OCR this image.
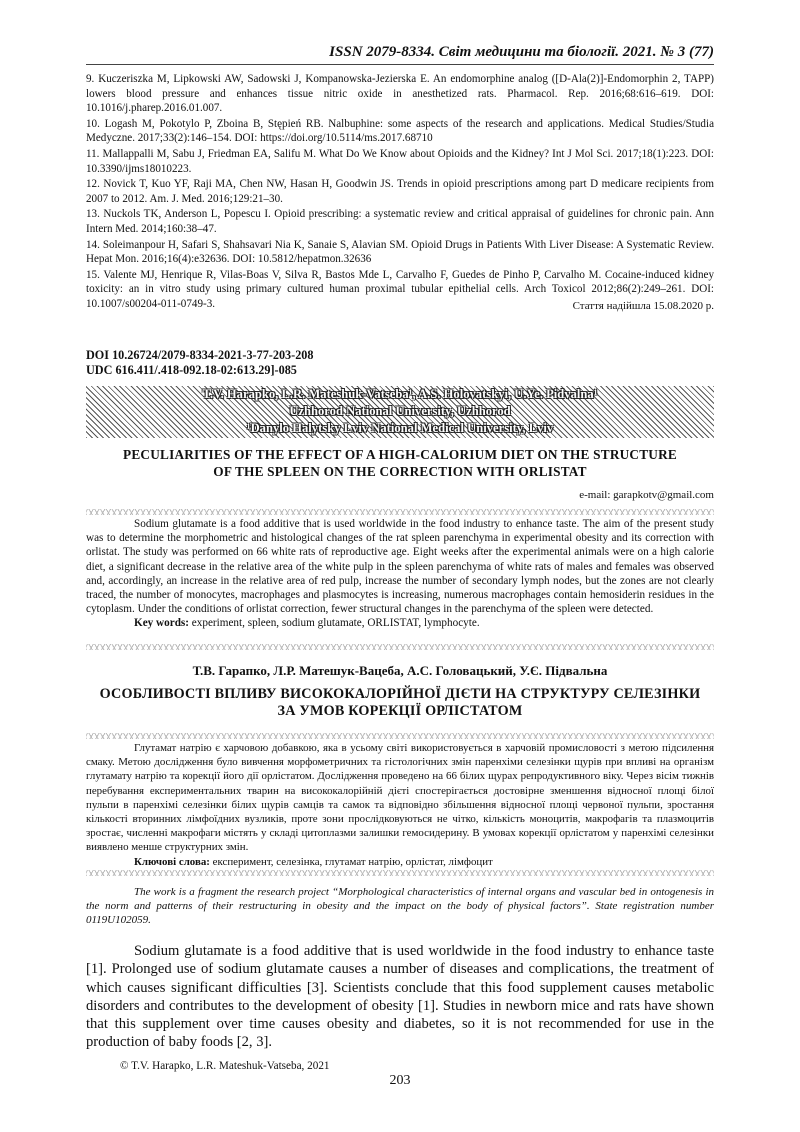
ISSN 2079-8334. Світ медицини та біології. 2021. № 3 (77)

9. Kuczeriszka M, Lipkowski AW, Sadowski J, Kompanowska-Jezierska E. An endomorphine analog ([D-Ala(2)]-Endomorphin 2, TAPP) lowers blood pressure and enhances tissue nitric oxide in anesthetized rats. Pharmacol. Rep. 2016;68:616–619. DOI: 10.1016/j.pharep.2016.01.007.

10. Logash M, Pokotylo P, Zboina B, Stępień RB. Nalbuphine: some aspects of the research and applications. Medical Studies/Studia Medyczne. 2017;33(2):146–154. DOI: https://doi.org/10.5114/ms.2017.68710

11. Mallappalli M, Sabu J, Friedman EA, Salifu M. What Do We Know about Opioids and the Kidney? Int J Mol Sci. 2017;18(1):223. DOI: 10.3390/ijms18010223.

12. Novick T, Kuo YF, Raji MA, Chen NW, Hasan H, Goodwin JS. Trends in opioid prescriptions among part D medicare recipients from 2007 to 2012. Am. J. Med. 2016;129:21–30.

13. Nuckols TK, Anderson L, Popescu I. Opioid prescribing: a systematic review and critical appraisal of guidelines for chronic pain. Ann Intern Med. 2014;160:38–47.

14. Soleimanpour H, Safari S, Shahsavari Nia K, Sanaie S, Alavian SM. Opioid Drugs in Patients With Liver Disease: A Systematic Review. Hepat Mon. 2016;16(4):e32636. DOI: 10.5812/hepatmon.32636

15. Valente MJ, Henrique R, Vilas-Boas V, Silva R, Bastos Mde L, Carvalho F, Guedes de Pinho P, Carvalho M. Cocaine-induced kidney toxicity: an in vitro study using primary cultured human proximal tubular epithelial cells. Arch Toxicol 2012;86(2):249–261. DOI: 10.1007/s00204-011-0749-3.	Стаття надійшла 15.08.2020 р.
DOI 10.26724/2079-8334-2021-3-77-203-208
UDC 616.411/.418-092.18-02:613.29]-085
T.V. Harapko, L.R. Mateshuk-Vatseba¹, A.S. Holovatskyi, U.Ye. Pidvalna¹
Uzhhorod National University, Uzhhorod
¹Danylo Halytsky Lviv National Medical University, Lviv
PECULIARITIES OF THE EFFECT OF A HIGH-CALORIUM DIET ON THE STRUCTURE
OF THE SPLEEN ON THE CORRECTION WITH ORLISTAT
e-mail: garapkotv@gmail.com

Sodium glutamate is a food additive that is used worldwide in the food industry to enhance taste. The aim of the present study was to determine the morphometric and histological changes of the rat spleen parenchyma in experimental obesity and its correction with orlistat. The study was performed on 66 white rats of reproductive age. Eight weeks after the experimental animals were on a high calorie diet, a significant decrease in the relative area of the white pulp in the spleen parenchyma of white rats of males and females was observed and, accordingly, an increase in the relative area of red pulp, increase the number of secondary lymph nodes, but the zones are not clearly traced, the number of monocytes, macrophages and plasmocytes is increasing, numerous macrophages contain hemosiderin residues in the cytoplasm. Under the conditions of orlistat correction, fewer structural changes in the parenchyma of the spleen were detected.

Key words: experiment, spleen, sodium glutamate, ORLISTAT, lymphocyte.
Т.В. Гарапко, Л.Р. Матешук-Вацеба, А.С. Головацький, У.Є. Підвальна
ОСОБЛИВОСТІ ВПЛИВУ ВИСОКОКАЛОРІЙНОЇ ДІЄТИ НА СТРУКТУРУ СЕЛЕЗІНКИ
ЗА УМОВ КОРЕКЦІЇ ОРЛІСТАТОМ

Глутамат натрію є харчовою добавкою, яка в усьому світі використовується в харчовій промисловості з метою підсилення смаку. Метою дослідження було вивчення морфометричних та гістологічних змін паренхіми селезінки щурів при впливі на організм глутамату натрію та корекції його дії орлістатом. Дослідження проведено на 66 білих щурах репродуктивного віку. Через вісім тижнів перебування експериментальних тварин на висококалорійній дієті спостерігається достовірне зменшення відносної площі білої пульпи в паренхімі селезінки білих щурів самців та самок та відповідно збільшення відносної площі червоної пульпи, зростання кількості вторинних лімфоїдних вузликів, проте зони прослідковуються не чітко, кількість моноцитів, макрофагів та плазмоцитів зростає, численні макрофаги містять у складі цитоплазми залишки гемосидерину. В умовах корекції орлістатом у паренхімі селезінки виявлено менше структурних змін.

Ключові слова: експеримент, селезінка, глутамат натрію, орлістат, лімфоцит

The work is a fragment the research project “Morphological characteristics of internal organs and vascular bed in ontogenesis in the norm and patterns of their restructuring in obesity and the impact on the body of physical factors”. State registration number 0119U102059.

Sodium glutamate is a food additive that is used worldwide in the food industry to enhance taste [1]. Prolonged use of sodium glutamate causes a number of diseases and complications, the treatment of which causes significant difficulties [3]. Scientists conclude that this food supplement causes metabolic disorders and contributes to the development of obesity [1]. Studies in newborn mice and rats have shown that this supplement over time causes obesity and diabetes, so it is not recommended for use in the production of baby foods [2, 3].

© T.V. Harapko, L.R. Mateshuk-Vatseba, 2021
203
